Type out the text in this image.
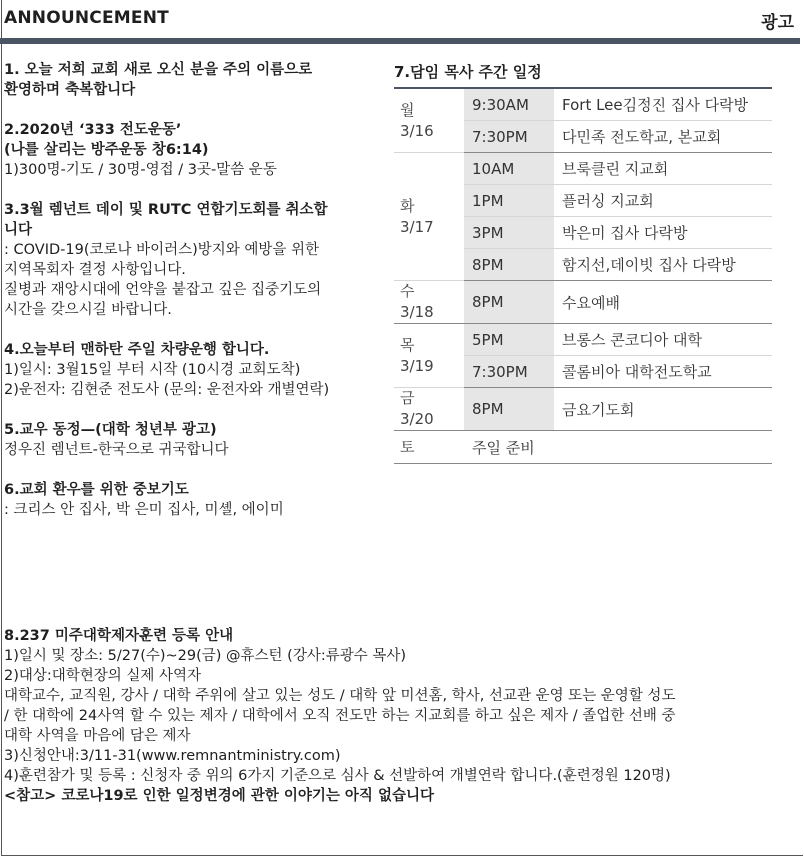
ANNOUNCEMENT	광고
1. 오늘 저희 교회 새로 오신 분을 주의 이름으로
환영하며 축복합니다
2.2020년 ‘333 전도운동’
(나를 살리는 방주운동 창6:14)
1)300명-기도 / 30명-영접 / 3곳-말씀 운동
3.3월 렘넌트 데이 및 RUTC 연합기도회를 취소합
니다
: COVID-19(코로나 바이러스)방지와 예방을 위한
지역목회자 결정 사항입니다.
질병과 재앙시대에 언약을 붙잡고 깊은 집중기도의
시간을 갖으시길 바랍니다.
4.오늘부터 맨하탄 주일 차량운행 합니다.
1)일시: 3월15일 부터 시작 (10시경 교회도착)
2)운전자: 김현준 전도사 (문의: 운전자와 개별연락)
5.교우 동정—(대학 청년부 광고)
정우진 렘넌트-한국으로 귀국합니다
6.교회 환우를 위한 중보기도
: 크리스 안 집사, 박 은미 집사, 미셸, 에이미
7.담임 목사 주간 일정
월
3/16	9:30AM	Fort Lee김정진 집사 다락방
	7:30PM	다민족 전도학교, 본교회

화
3/17	10AM	브룩클린 지교회
	1PM	플러싱 지교회
	3PM	박은미 집사 다락방
	8PM	함지선,데이빗 집사 다락방

수
3/18	8PM	수요예배

목
3/19	5PM	브롱스 콘코디아 대학
	7:30PM	콜롬비아 대학전도학교

금
3/20	8PM	금요기도회
토	주일 준비	
8.237 미주대학제자훈련 등록 안내
1)일시 및 장소: 5/27(수)~29(금) @휴스턴 (강사:류광수 목사)
2)대상:대학현장의 실제 사역자
대학교수, 교직원, 강사 / 대학 주위에 살고 있는 성도 / 대학 앞 미션홈, 학사, 선교관 운영 또는 운영할 성도
/ 한 대학에 24사역 할 수 있는 제자 / 대학에서 오직 전도만 하는 지교회를 하고 싶은 제자 / 졸업한 선배 중
대학 사역을 마음에 담은 제자
3)신청안내:3/11-31(www.remnantministry.com)
4)훈련참가 및 등록 : 신청자 중 위의 6가지 기준으로 심사 & 선발하여 개별연락 합니다.(훈련정원 120명)
<참고> 코로나19로 인한 일정변경에 관한 이야기는 아직 없습니다
